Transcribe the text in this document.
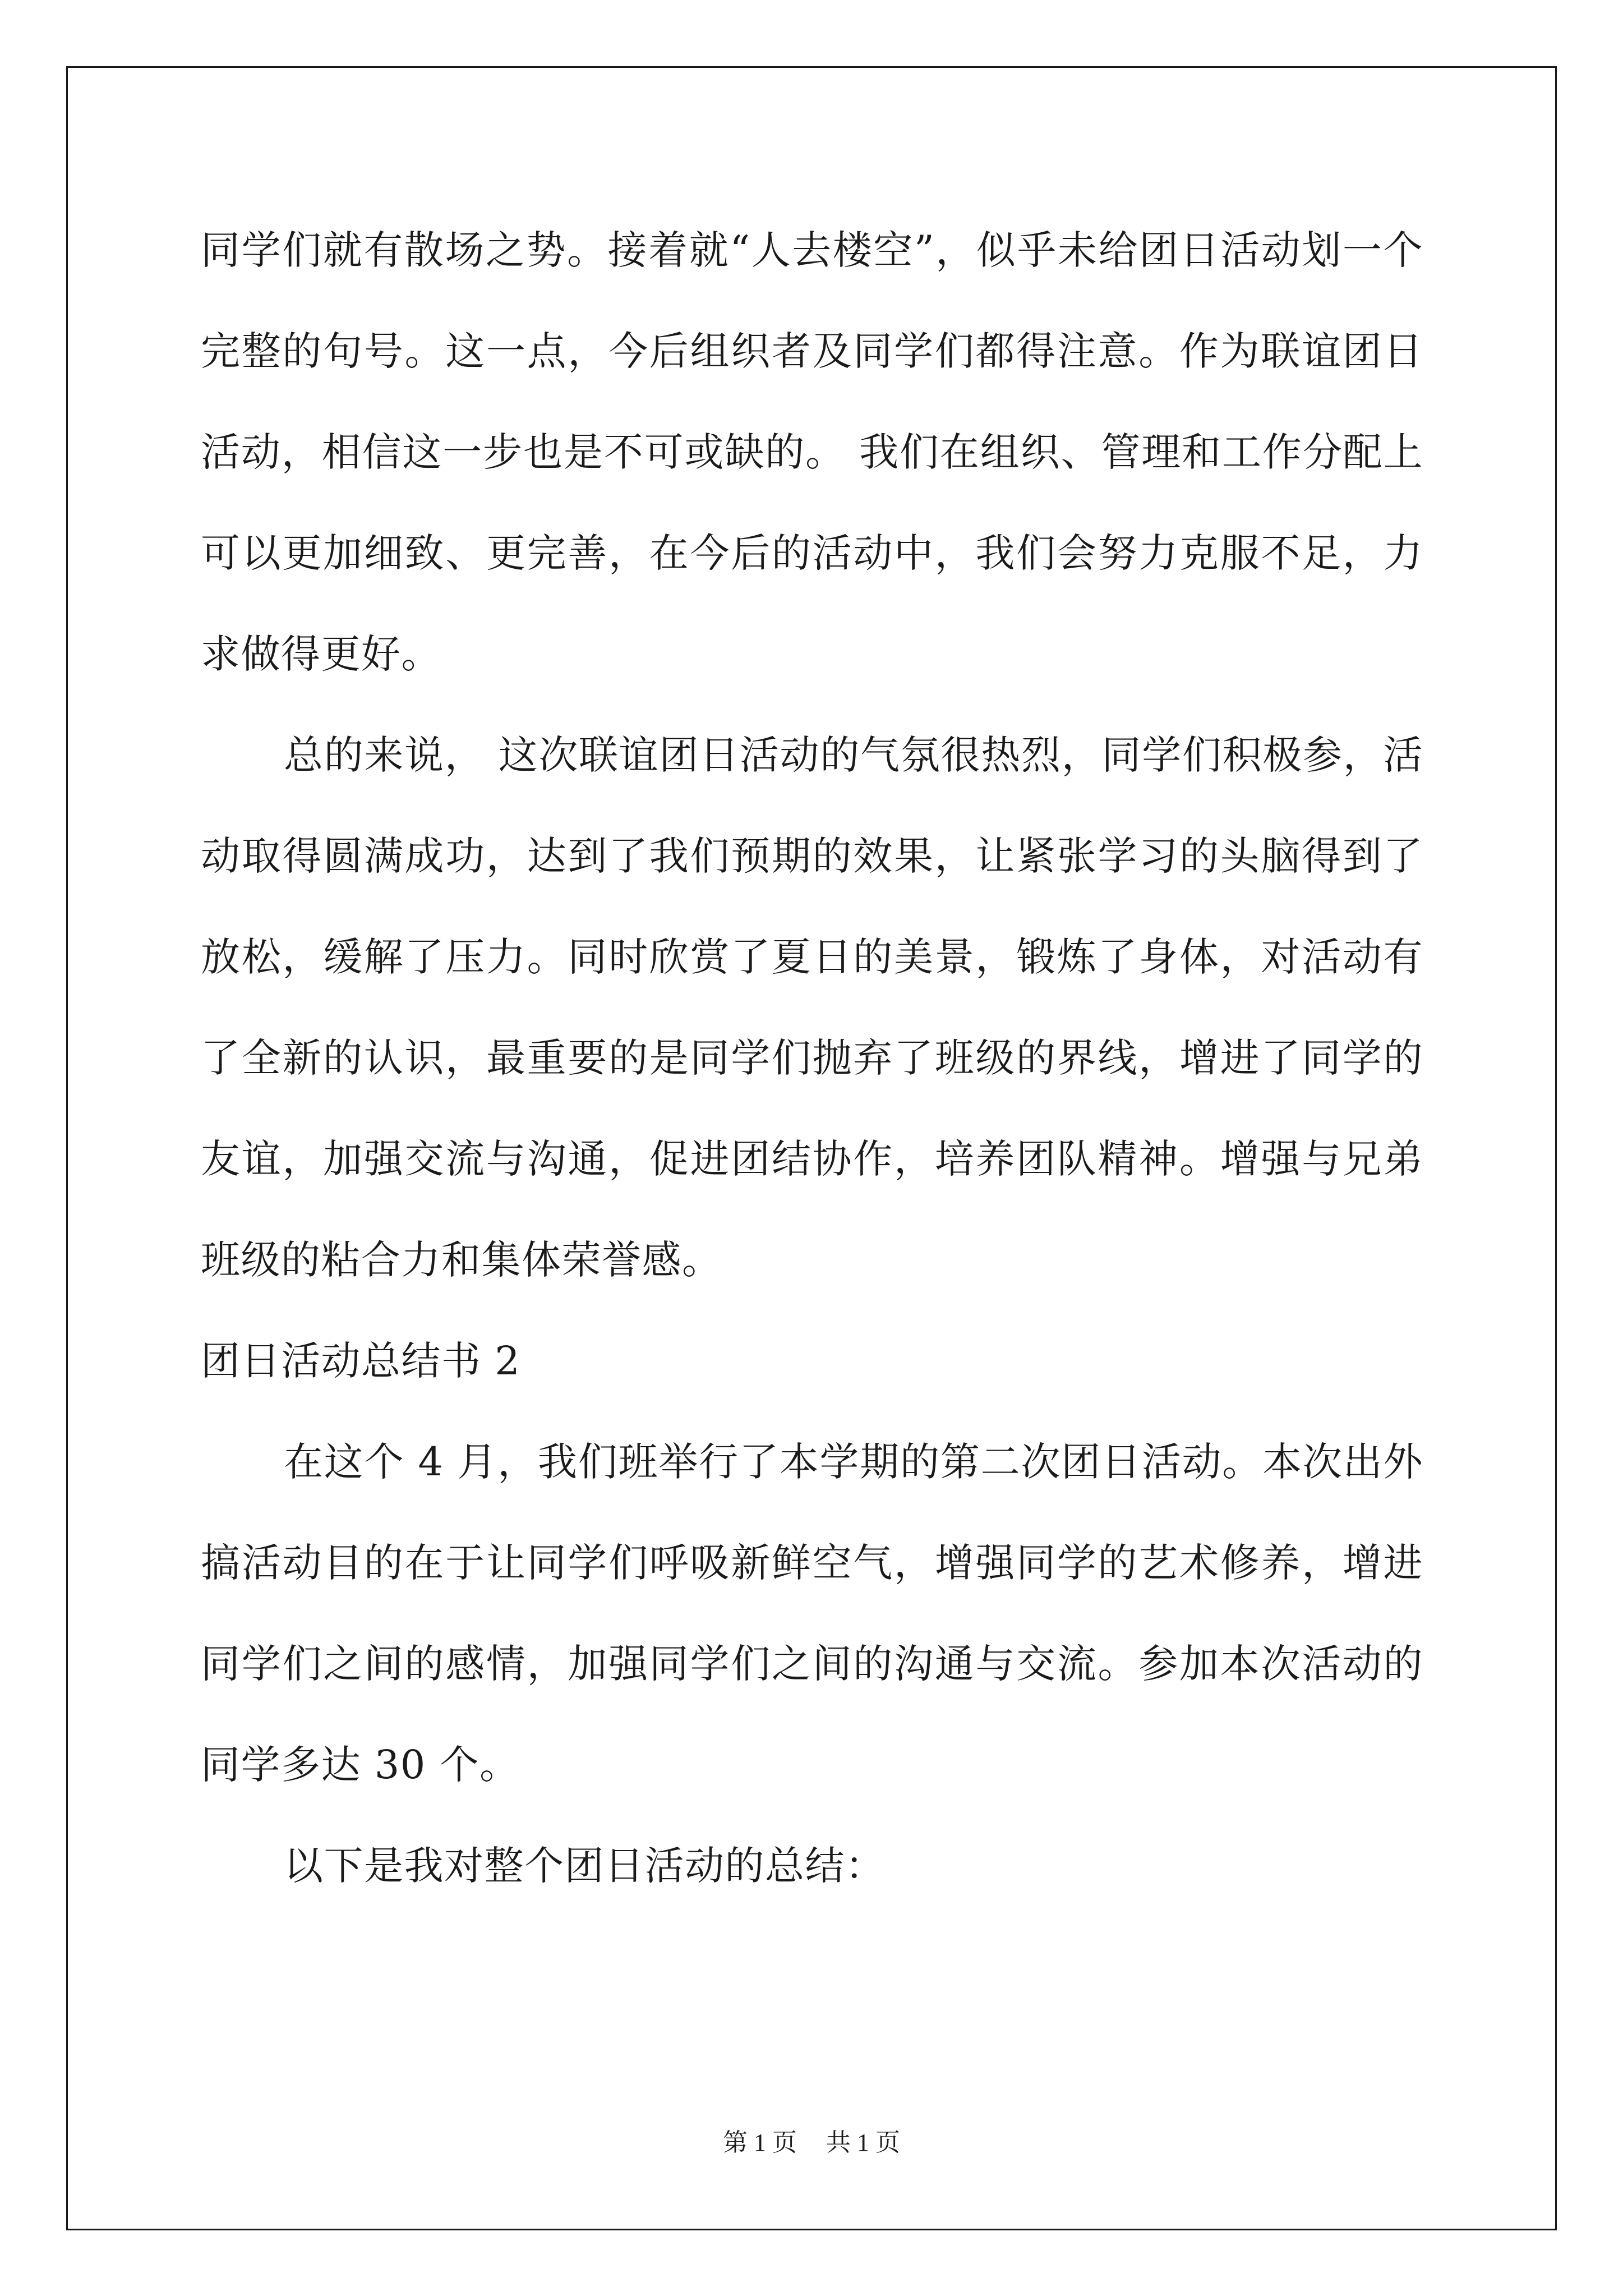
同学们就有散场之势。接着就“人去楼空”，似乎未给团日活动划一个
完整的句号。这一点，今后组织者及同学们都得注意。作为联谊团日
活动，相信这一步也是不可或缺的。 我们在组织、管理和工作分配上
可以更加细致、更完善，在今后的活动中，我们会努力克服不足，力
求做得更好。
总的来说， 这次联谊团日活动的气氛很热烈，同学们积极参，活
动取得圆满成功，达到了我们预期的效果，让紧张学习的头脑得到了
放松，缓解了压力。同时欣赏了夏日的美景，锻炼了身体，对活动有
了全新的认识，最重要的是同学们抛弃了班级的界线，增进了同学的
友谊，加强交流与沟通，促进团结协作，培养团队精神。增强与兄弟
班级的粘合力和集体荣誉感。
团日活动总结书 2
在这个 4 月，我们班举行了本学期的第二次团日活动。本次出外
搞活动目的在于让同学们呼吸新鲜空气，增强同学的艺术修养，增进
同学们之间的感情，加强同学们之间的沟通与交流。参加本次活动的
同学多达 30 个。
以下是我对整个团日活动的总结：
第 1 页 共 1 页
